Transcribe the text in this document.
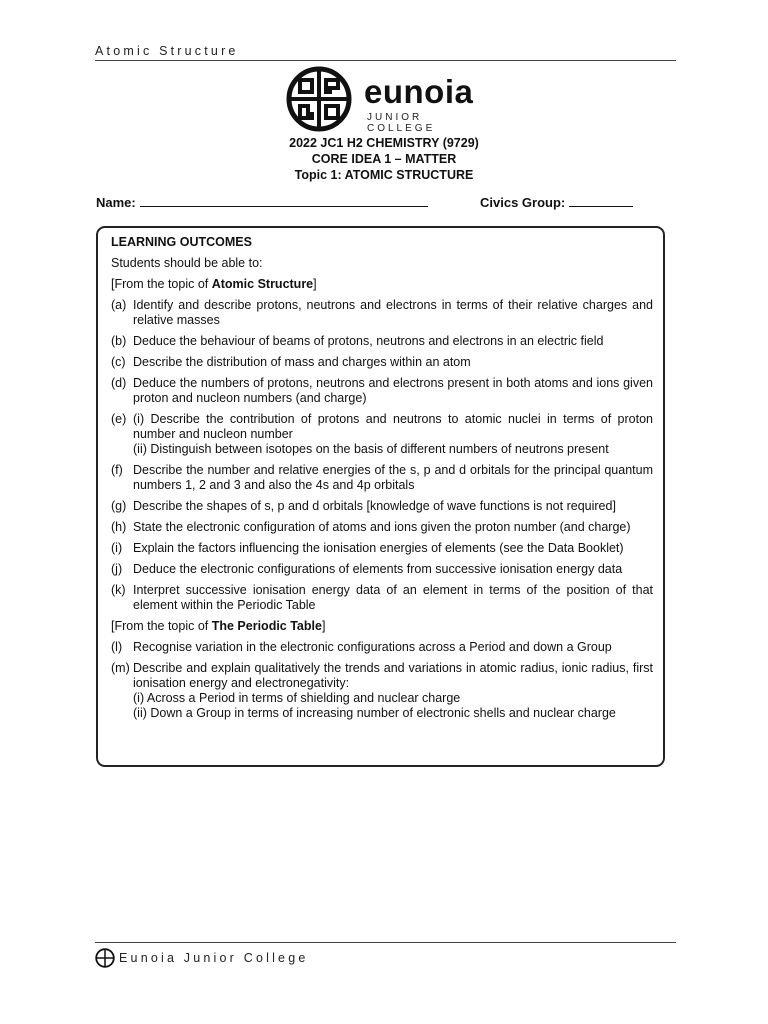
Atomic Structure
eunoia
JUNIOR COLLEGE
2022 JC1 H2 CHEMISTRY (9729)
CORE IDEA 1 – MATTER
Topic 1: ATOMIC STRUCTURE
Name:	Civics Group:
LEARNING OUTCOMES
Students should be able to:
[From the topic of Atomic Structure]
(a) Identify and describe protons, neutrons and electrons in terms of their relative charges and relative masses
(b) Deduce the behaviour of beams of protons, neutrons and electrons in an electric field
(c) Describe the distribution of mass and charges within an atom
(d) Deduce the numbers of protons, neutrons and electrons present in both atoms and ions given proton and nucleon numbers (and charge)
(e) (i) Describe the contribution of protons and neutrons to atomic nuclei in terms of proton number and nucleon number
(ii) Distinguish between isotopes on the basis of different numbers of neutrons present
(f) Describe the number and relative energies of the s, p and d orbitals for the principal quantum numbers 1, 2 and 3 and also the 4s and 4p orbitals
(g) Describe the shapes of s, p and d orbitals [knowledge of wave functions is not required]
(h) State the electronic configuration of atoms and ions given the proton number (and charge)
(i) Explain the factors influencing the ionisation energies of elements (see the Data Booklet)
(j) Deduce the electronic configurations of elements from successive ionisation energy data
(k) Interpret successive ionisation energy data of an element in terms of the position of that element within the Periodic Table
[From the topic of The Periodic Table]
(l) Recognise variation in the electronic configurations across a Period and down a Group
(m) Describe and explain qualitatively the trends and variations in atomic radius, ionic radius, first ionisation energy and electronegativity:
(i) Across a Period in terms of shielding and nuclear charge
(ii) Down a Group in terms of increasing number of electronic shells and nuclear charge
Eunoia Junior College
